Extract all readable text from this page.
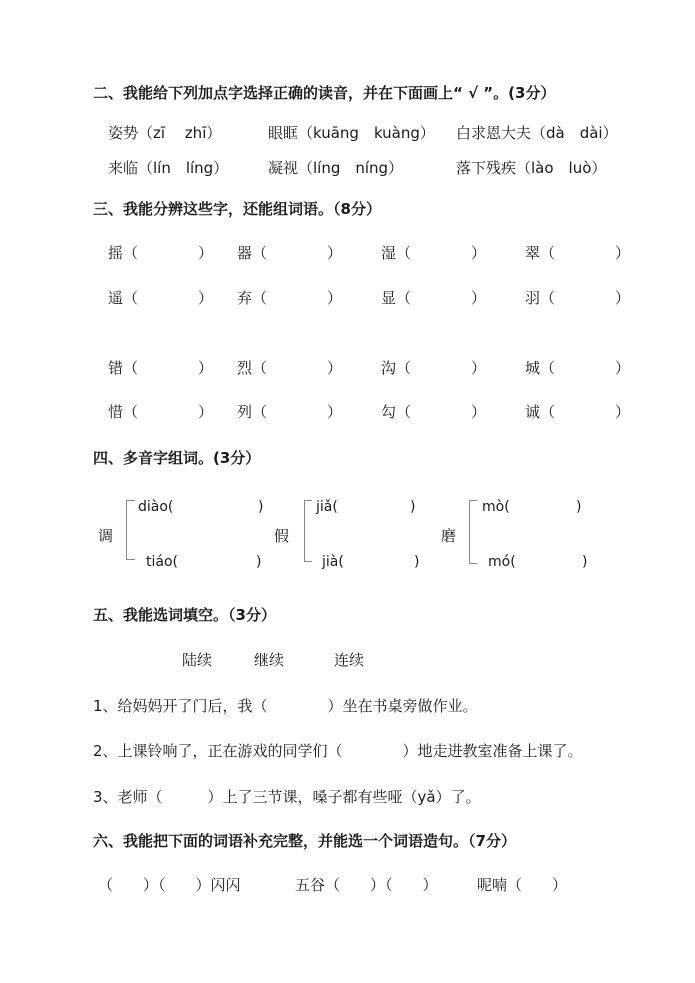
二、我能给下列加点字选择正确的读音，并在下面画上“ √ ”。(3分）
姿势（zī　 zhī）	眼眶（kuāng　kuàng） 白求恩大夫（dà　dài）
来临（lín　líng）	凝视（líng　níng）	落下残疾（lào　luò）
三、我能分辨这些字，还能组词语。（8分）
摇（　　　　） 器（　　　　）	湿（　　　　）	翠（　　　　）
遥（　　　　） 弃（　　　　）	显（　　　　）	羽（　　　　）
错（　　　　） 烈（　　　　）	沟（　　　　）	城（　　　　）
惜（　　　　） 列（　　　　）	勾（　　　　）	诚（　　　　）
四、多音字组词。(3分）
调
diào(	)
tiáo(	)
假
jiǎ(	)
jià(	)
磨
mò(	)
mó(	)
五、我能选词填空。（3分）
陆续	继续	连续
1、给妈妈开了门后，我（　　　　）坐在书桌旁做作业。
2、上课铃响了，正在游戏的同学们（　　　　）地走进教室准备上课了。
3、老师（　　　）上了三节课，嗓子都有些哑（yǎ）了。
六、我能把下面的词语补充完整，并能选一个词语造句。（7分）
（　　）（　　）闪闪	五谷（　　）（　　）	呢喃（　　）
